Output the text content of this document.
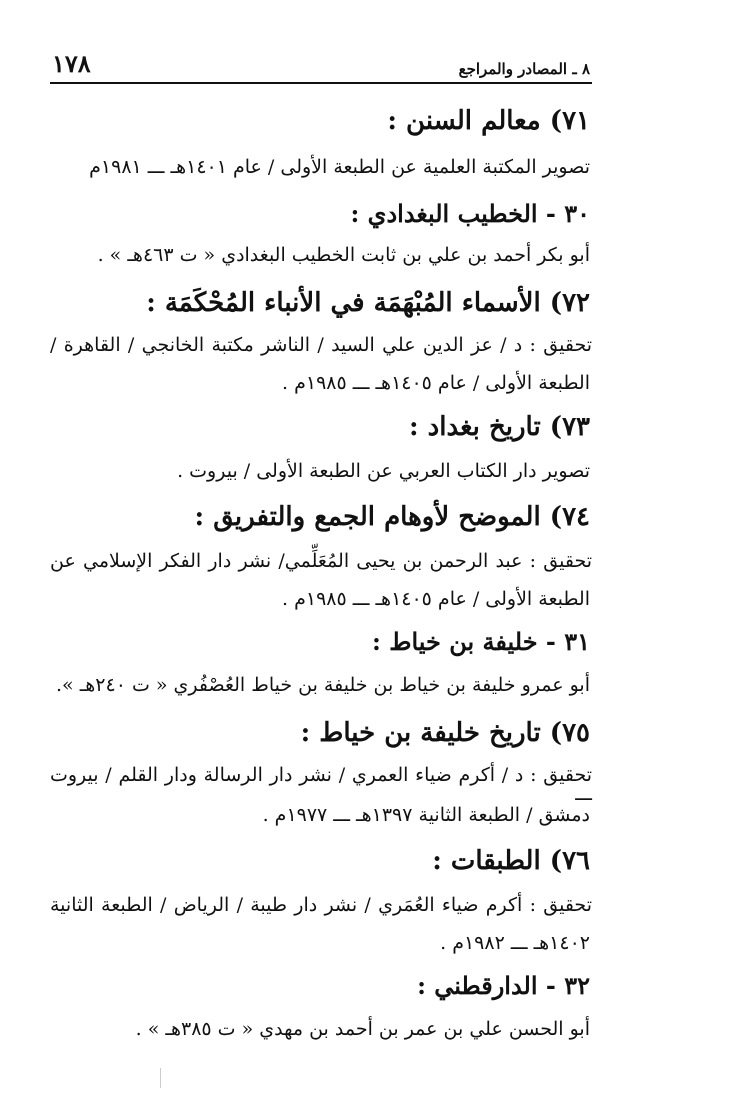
٨ ـ المصادر والمراجع
١٧٨
٧١) معالم السنن :
تصوير المكتبة العلمية عن الطبعة الأولى / عام ١٤٠١هـ ـــ ١٩٨١م
٣٠ - الخطيب البغدادي :
أبو بكر أحمد بن علي بن ثابت الخطيب البغدادي « ت ٤٦٣هـ » .
٧٢) الأسماء المُبْهَمَة في الأنباء المُحْكَمَة :
تحقيق : د / عز الدين علي السيد / الناشر مكتبة الخانجي / القاهرة /
الطبعة الأولى / عام ١٤٠٥هـ ـــ ١٩٨٥م .
٧٣) تاريخ بغداد :
تصوير دار الكتاب العربي عن الطبعة الأولى / بيروت .
٧٤) الموضح لأوهام الجمع والتفريق :
تحقيق : عبد الرحمن بن يحيى المُعَلِّمي/ نشر دار الفكر الإسلامي عن
الطبعة الأولى / عام ١٤٠٥هـ ـــ ١٩٨٥م .
٣١ - خليفة بن خياط :
أبو عمرو خليفة بن خياط بن خليفة بن خياط العُصْفُري « ت ٢٤٠هـ ».
٧٥) تاريخ خليفة بن خياط :
تحقيق : د / أكرم ضياء العمري / نشر دار الرسالة ودار القلم / بيروت ـــ
دمشق / الطبعة الثانية ١٣٩٧هـ ـــ ١٩٧٧م .
٧٦) الطبقات :
تحقيق : أكرم ضياء العُمَري / نشر دار طيبة / الرياض / الطبعة الثانية
١٤٠٢هـ ـــ ١٩٨٢م .
٣٢ - الدارقطني :
أبو الحسن علي بن عمر بن أحمد بن مهدي « ت ٣٨٥هـ » .
